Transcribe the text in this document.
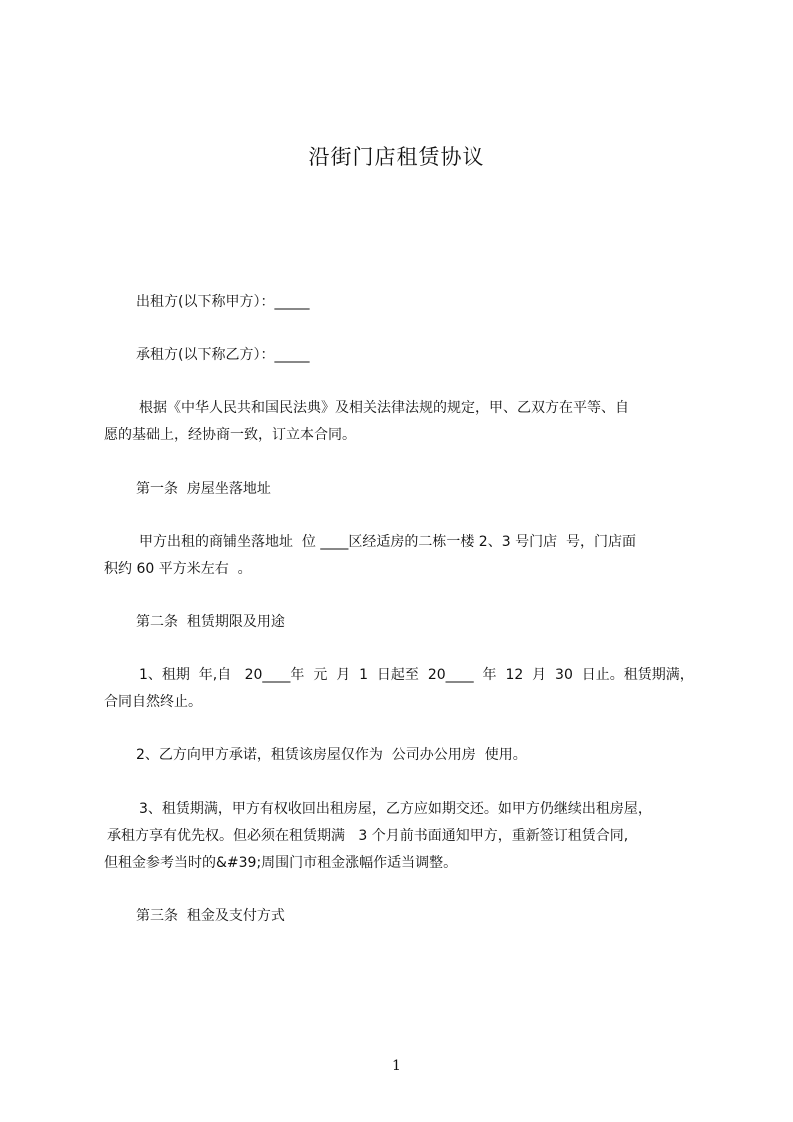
沿街门店租赁协议
出租方(以下称甲方）：_____
承租方(以下称乙方）：_____
根据《中华人民共和国民法典》及相关法律法规的规定，甲、乙双方在平等、自
愿的基础上，经协商一致，订立本合同。
第一条  房屋坐落地址
甲方出租的商铺坐落地址  位 ____区经适房的二栋一楼 2、3 号门店  号，门店面
积约 60 平方米左右  。
第二条  租赁期限及用途
1、租期  年,自   20____年  元  月  1  日起至  20____  年  12  月  30  日止。租赁期满，
合同自然终止。
2、乙方向甲方承诺，租赁该房屋仅作为  公司办公用房  使用。
3、租赁期满，甲方有权收回出租房屋，乙方应如期交还。如甲方仍继续出租房屋，
承租方享有优先权。但必须在租赁期满   3 个月前书面通知甲方，重新签订租赁合同,
但租金参考当时的&#39;周围门市租金涨幅作适当调整。
第三条  租金及支付方式
1
